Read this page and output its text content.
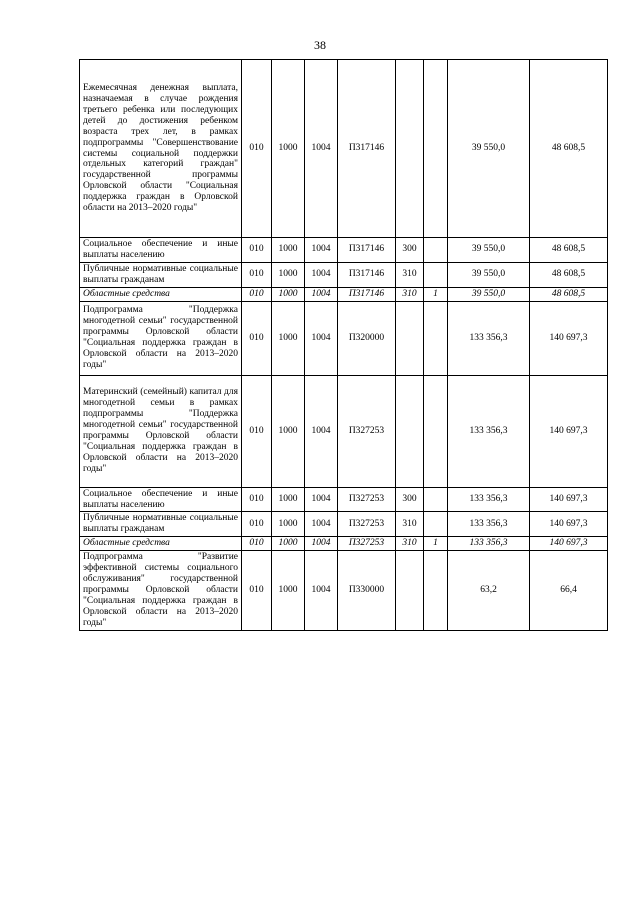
38
Ежемесячная денежная выплата, назначаемая в случае рождения третьего ребенка или последующих детей до достижения ребенком возраста трех лет, в рамках подпрограммы "Совершенствование системы социальной поддержки отдельных категорий граждан" государственной программы Орловской области "Социальная поддержка граждан в Орловской области на 2013–2020 годы"	010	1000	1004	П317146			39 550,0	48 608,5
Социальное обеспечение и иные выплаты населению	010	1000	1004	П317146	300		39 550,0	48 608,5
Публичные нормативные социальные выплаты гражданам	010	1000	1004	П317146	310		39 550,0	48 608,5
Областные средства	010	1000	1004	П317146	310	1	39 550,0	48 608,5
Подпрограмма "Поддержка многодетной семьи" государственной программы Орловской области "Социальная поддержка граждан в Орловской области на 2013–2020 годы"	010	1000	1004	П320000			133 356,3	140 697,3
Материнский (семейный) капитал для многодетной семьи в рамках подпрограммы "Поддержка многодетной семьи" государственной программы Орловской области "Социальная поддержка граждан в Орловской области на 2013–2020 годы"	010	1000	1004	П327253			133 356,3	140 697,3
Социальное обеспечение и иные выплаты населению	010	1000	1004	П327253	300		133 356,3	140 697,3
Публичные нормативные социальные выплаты гражданам	010	1000	1004	П327253	310		133 356,3	140 697,3
Областные средства	010	1000	1004	П327253	310	1	133 356,3	140 697,3
Подпрограмма "Развитие эффективной системы социального обслуживания" государственной программы Орловской области "Социальная поддержка граждан в Орловской области на 2013–2020 годы"	010	1000	1004	П330000			63,2	66,4
